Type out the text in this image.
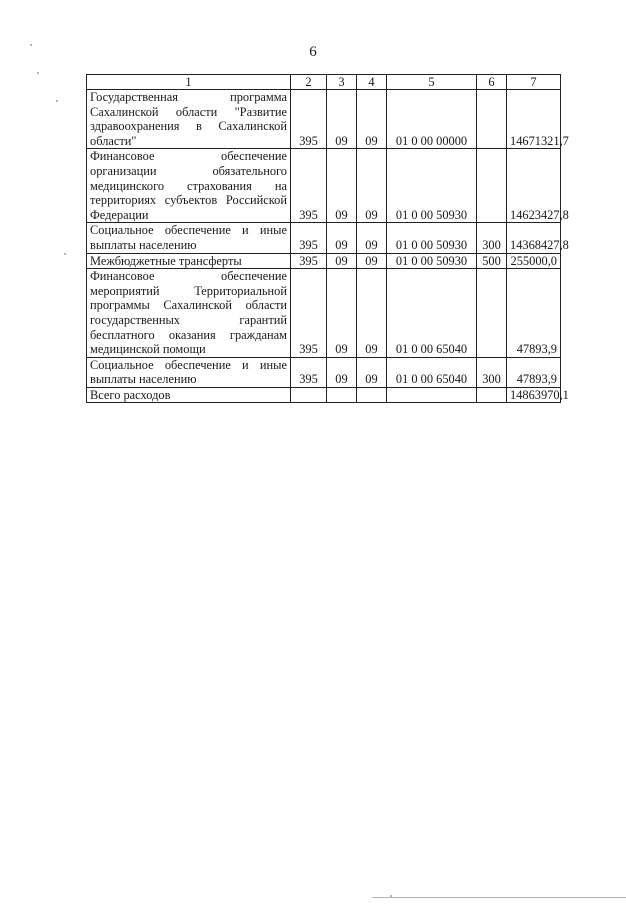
6
1	2	3	4	5	6	7
Государственная программа Сахалинской области "Развитие здравоохранения в Сахалинской области"	395	09	09	01 0 00 00000		14671321,7
Финансовое обеспечение организации обязательного медицинского страхования на территориях субъектов Российской Федерации	395	09	09	01 0 00 50930		14623427,8
Социальное обеспечение и иные выплаты населению	395	09	09	01 0 00 50930	300	14368427,8
Межбюджетные трансферты	395	09	09	01 0 00 50930	500	255000,0
Финансовое обеспечение мероприятий Территориальной программы Сахалинской области государственных гарантий бесплатного оказания гражданам медицинской помощи	395	09	09	01 0 00 65040		47893,9
Социальное обеспечение и иные выплаты населению	395	09	09	01 0 00 65040	300	47893,9
Всего расходов						14863970,1
